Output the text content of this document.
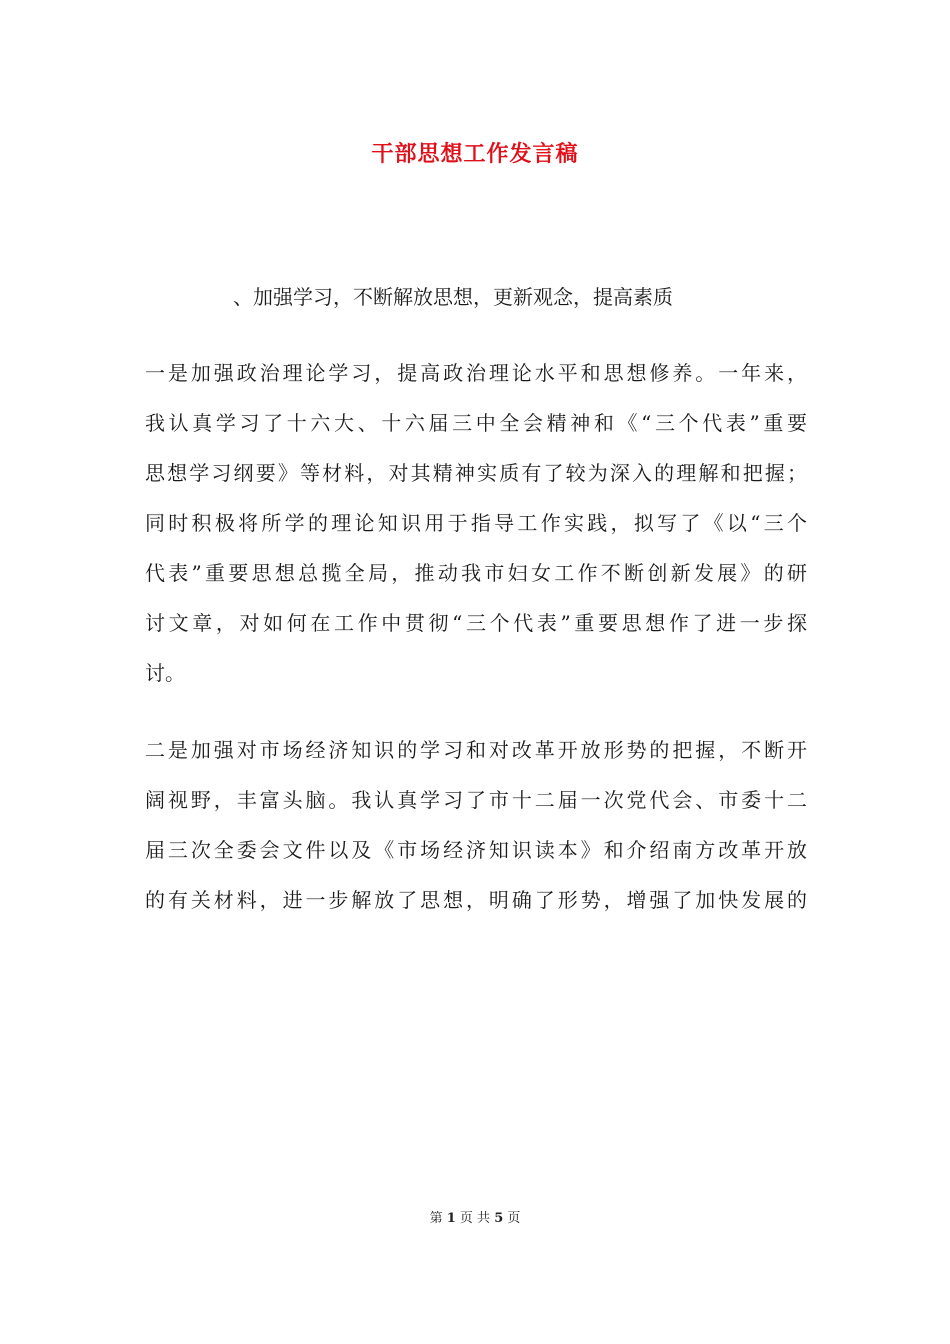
干部思想工作发言稿
、加强学习，不断解放思想，更新观念，提高素质
一是加强政治理论学习，提高政治理论水平和思想修养。一年来，
我认真学习了十六大、十六届三中全会精神和《“三个代表”重要
思想学习纲要》等材料，对其精神实质有了较为深入的理解和把握；
同时积极将所学的理论知识用于指导工作实践，拟写了《以“三个
代表”重要思想总揽全局，推动我市妇女工作不断创新发展》的研
讨文章，对如何在工作中贯彻“三个代表”重要思想作了进一步探
讨。
二是加强对市场经济知识的学习和对改革开放形势的把握，不断开
阔视野，丰富头脑。我认真学习了市十二届一次党代会、市委十二
届三次全委会文件以及《市场经济知识读本》和介绍南方改革开放
的有关材料，进一步解放了思想，明确了形势，增强了加快发展的
第 1 页 共 5 页
